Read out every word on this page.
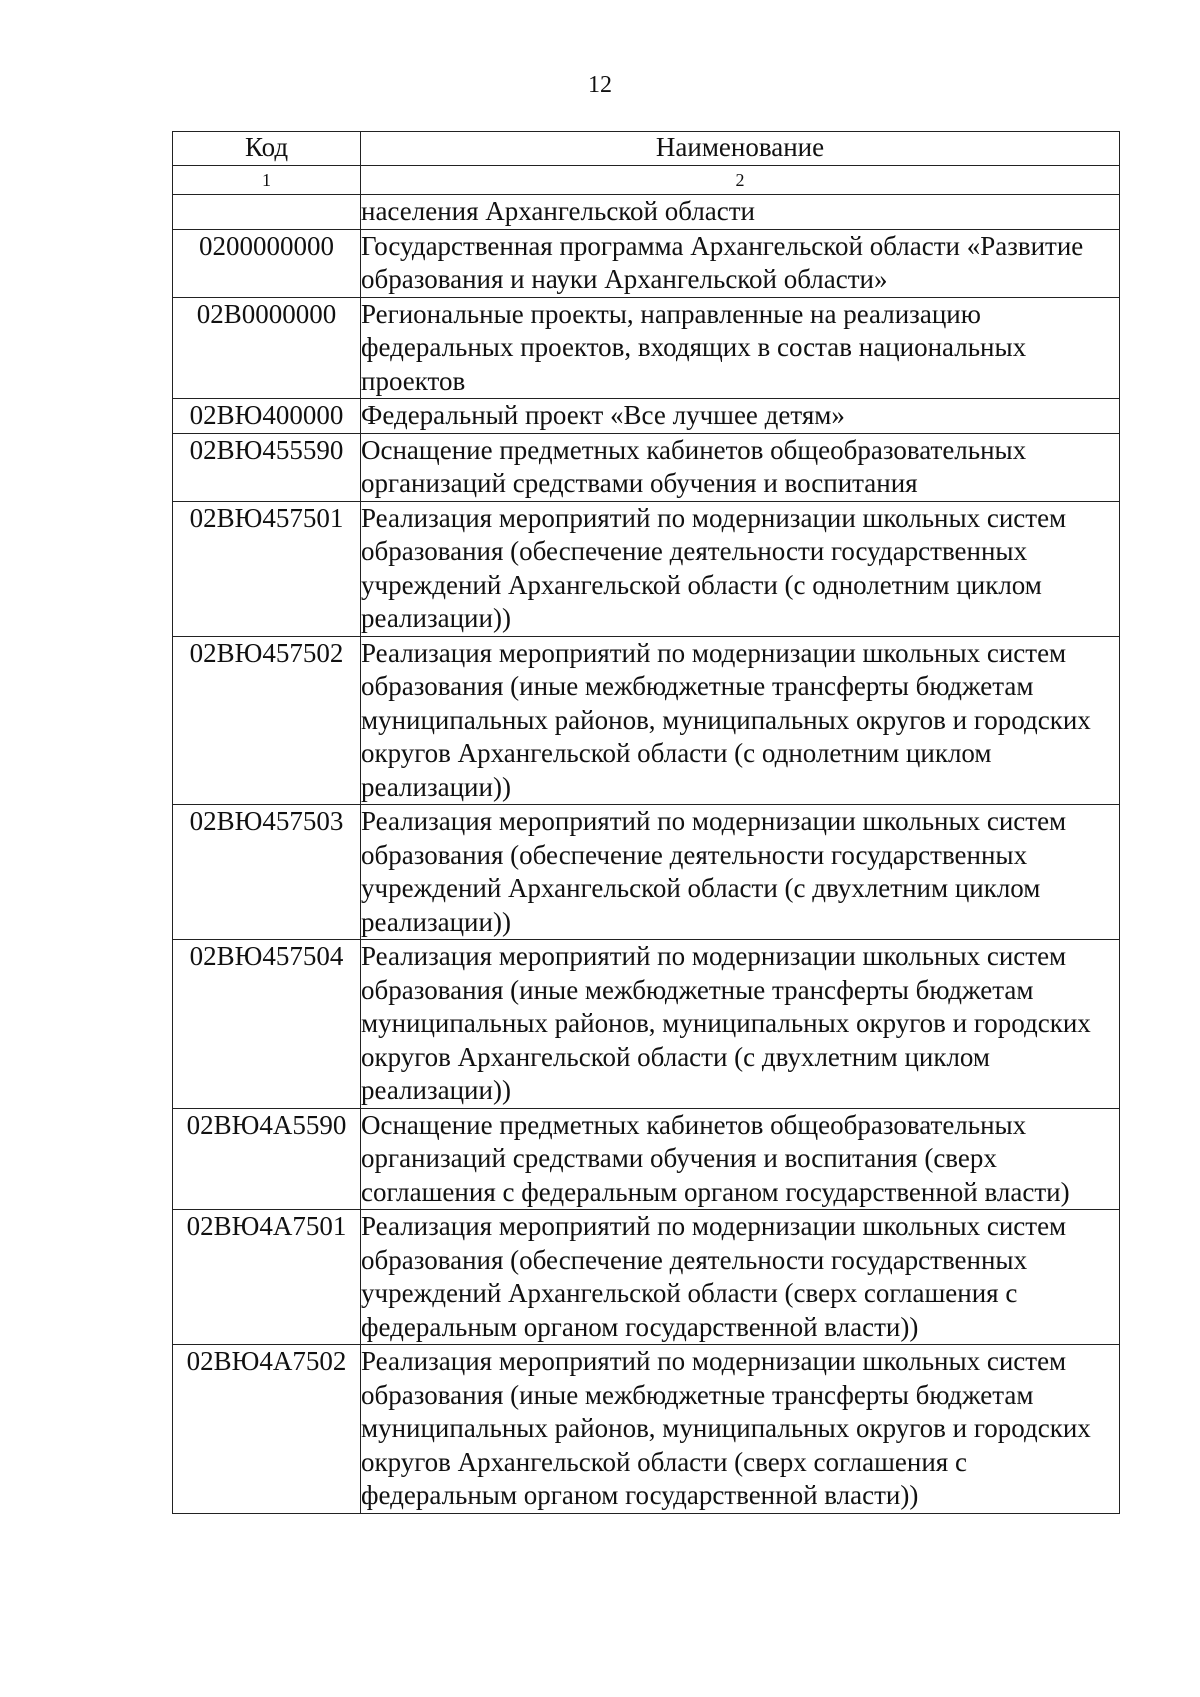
12
Код	Наименование
1	2
	населения Архангельской области
0200000000	Государственная программа Архангельской области «Развитие образования и науки Архангельской области»
02В0000000	Региональные проекты, направленные на реализацию федеральных проектов, входящих в состав национальных проектов
02ВЮ400000	Федеральный проект «Все лучшее детям»
02ВЮ455590	Оснащение предметных кабинетов общеобразовательных организаций средствами обучения и воспитания
02ВЮ457501	Реализация мероприятий по модернизации школьных систем образования (обеспечение деятельности государственных учреждений Архангельской области (с однолетним циклом реализации))
02ВЮ457502	Реализация мероприятий по модернизации школьных систем образования (иные межбюджетные трансферты бюджетам муниципальных районов, муниципальных округов и городских округов Архангельской области (с однолетним циклом реализации))
02ВЮ457503	Реализация мероприятий по модернизации школьных систем образования (обеспечение деятельности государственных учреждений Архангельской области (с двухлетним циклом реализации))
02ВЮ457504	Реализация мероприятий по модернизации школьных систем образования (иные межбюджетные трансферты бюджетам муниципальных районов, муниципальных округов и городских округов Архангельской области (с двухлетним циклом реализации))
02ВЮ4А5590	Оснащение предметных кабинетов общеобразовательных организаций средствами обучения и воспитания (сверх соглашения с федеральным органом государственной власти)
02ВЮ4А7501	Реализация мероприятий по модернизации школьных систем образования (обеспечение деятельности государственных учреждений Архангельской области (сверх соглашения с федеральным органом государственной власти))
02ВЮ4А7502	Реализация мероприятий по модернизации школьных систем образования (иные межбюджетные трансферты бюджетам муниципальных районов, муниципальных округов и городских округов Архангельской области (сверх соглашения с федеральным органом государственной власти))
